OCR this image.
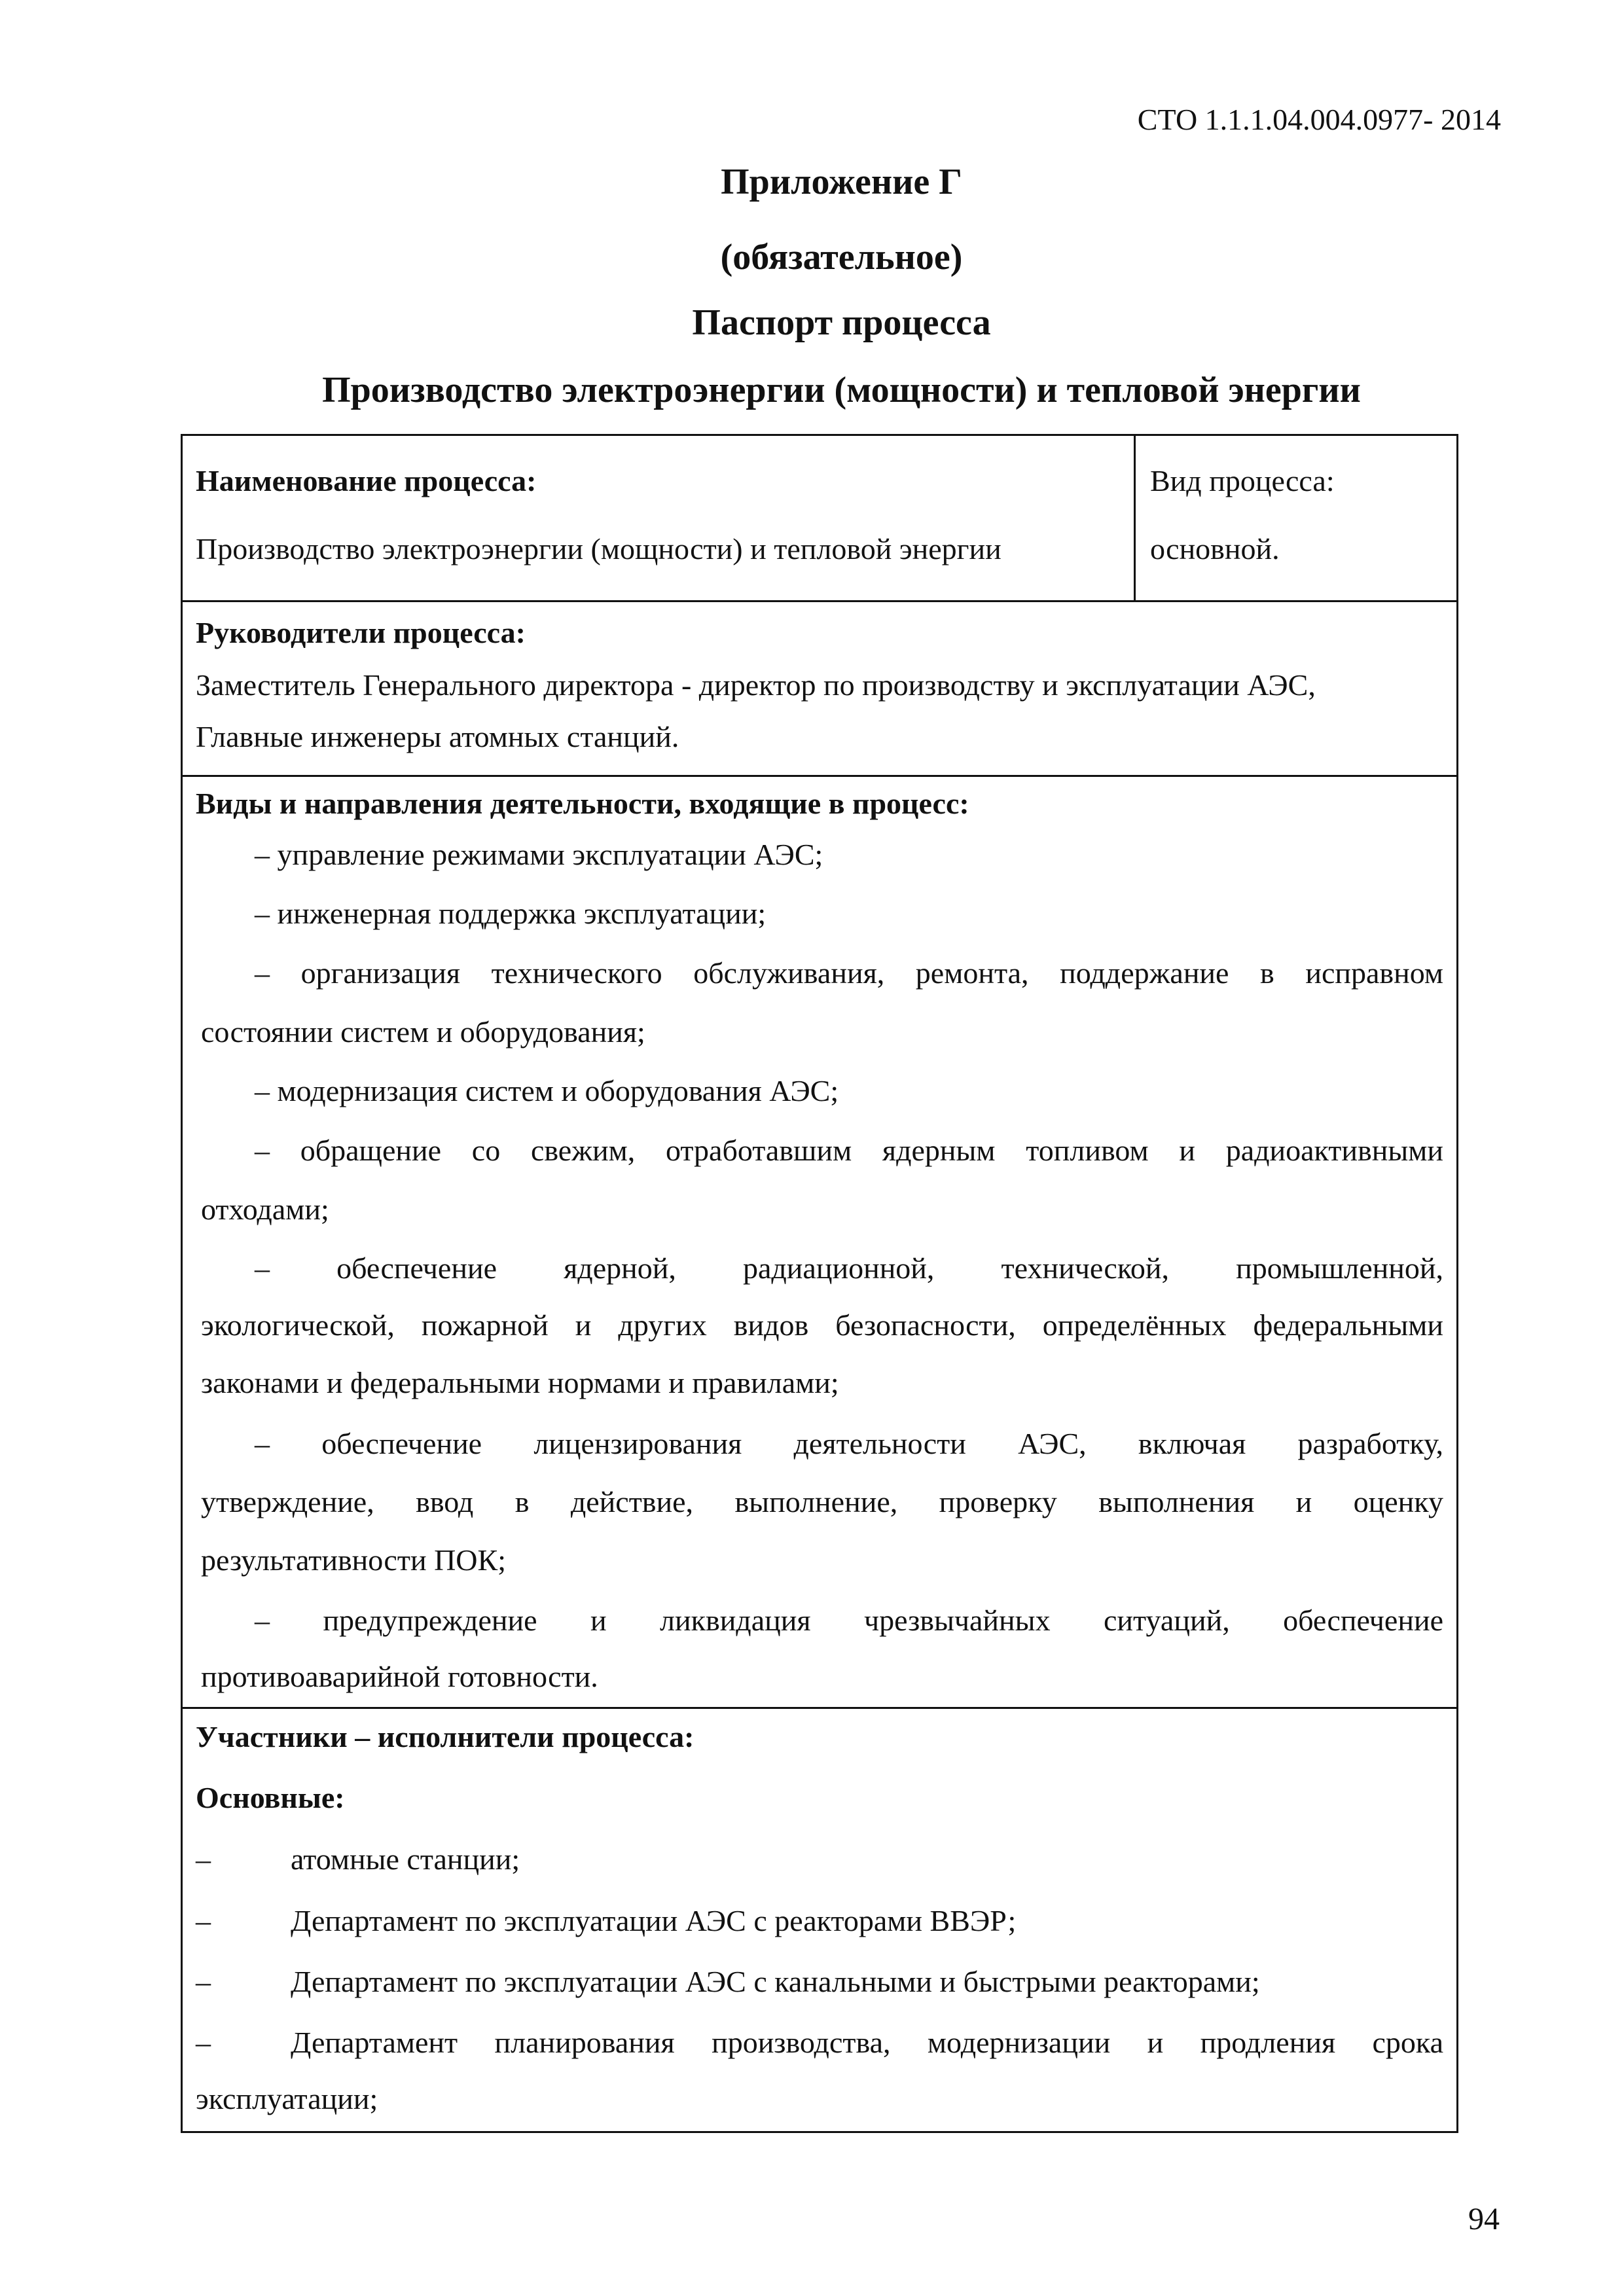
СТО 1.1.1.04.004.0977- 2014
Приложение Г
(обязательное)
Паспорт процесса
Производство электроэнергии (мощности) и тепловой энергии
Наименование процесса:
Производство электроэнергии (мощности) и тепловой энергии
Вид процесса:
основной.
Руководители процесса:
Заместитель Генерального директора - директор по производству и эксплуатации АЭС,
Главные инженеры атомных станций.
Виды и направления деятельности, входящие в процесс:
– управление режимами эксплуатации АЭС;
– инженерная поддержка эксплуатации;
– организация технического обслуживания, ремонта, поддержание в исправном
состоянии систем и оборудования;
– модернизация систем и оборудования АЭС;
– обращение со свежим, отработавшим ядерным топливом и радиоактивными
отходами;
– обеспечение ядерной, радиационной, технической, промышленной,
экологической, пожарной и других видов безопасности, определённых федеральными
законами и федеральными нормами и правилами;
– обеспечение лицензирования деятельности АЭС, включая разработку,
утверждение, ввод в действие, выполнение, проверку выполнения и оценку
результативности ПОК;
– предупреждение и ликвидация чрезвычайных ситуаций, обеспечение
противоаварийной готовности.
Участники – исполнители процесса:
Основные:
–	атомные станции;
–	Департамент по эксплуатации АЭС с реакторами ВВЭР;
–	Департамент по эксплуатации АЭС с канальными и быстрыми реакторами;
–	Департамент планирования производства, модернизации и продления срока
эксплуатации;
94
